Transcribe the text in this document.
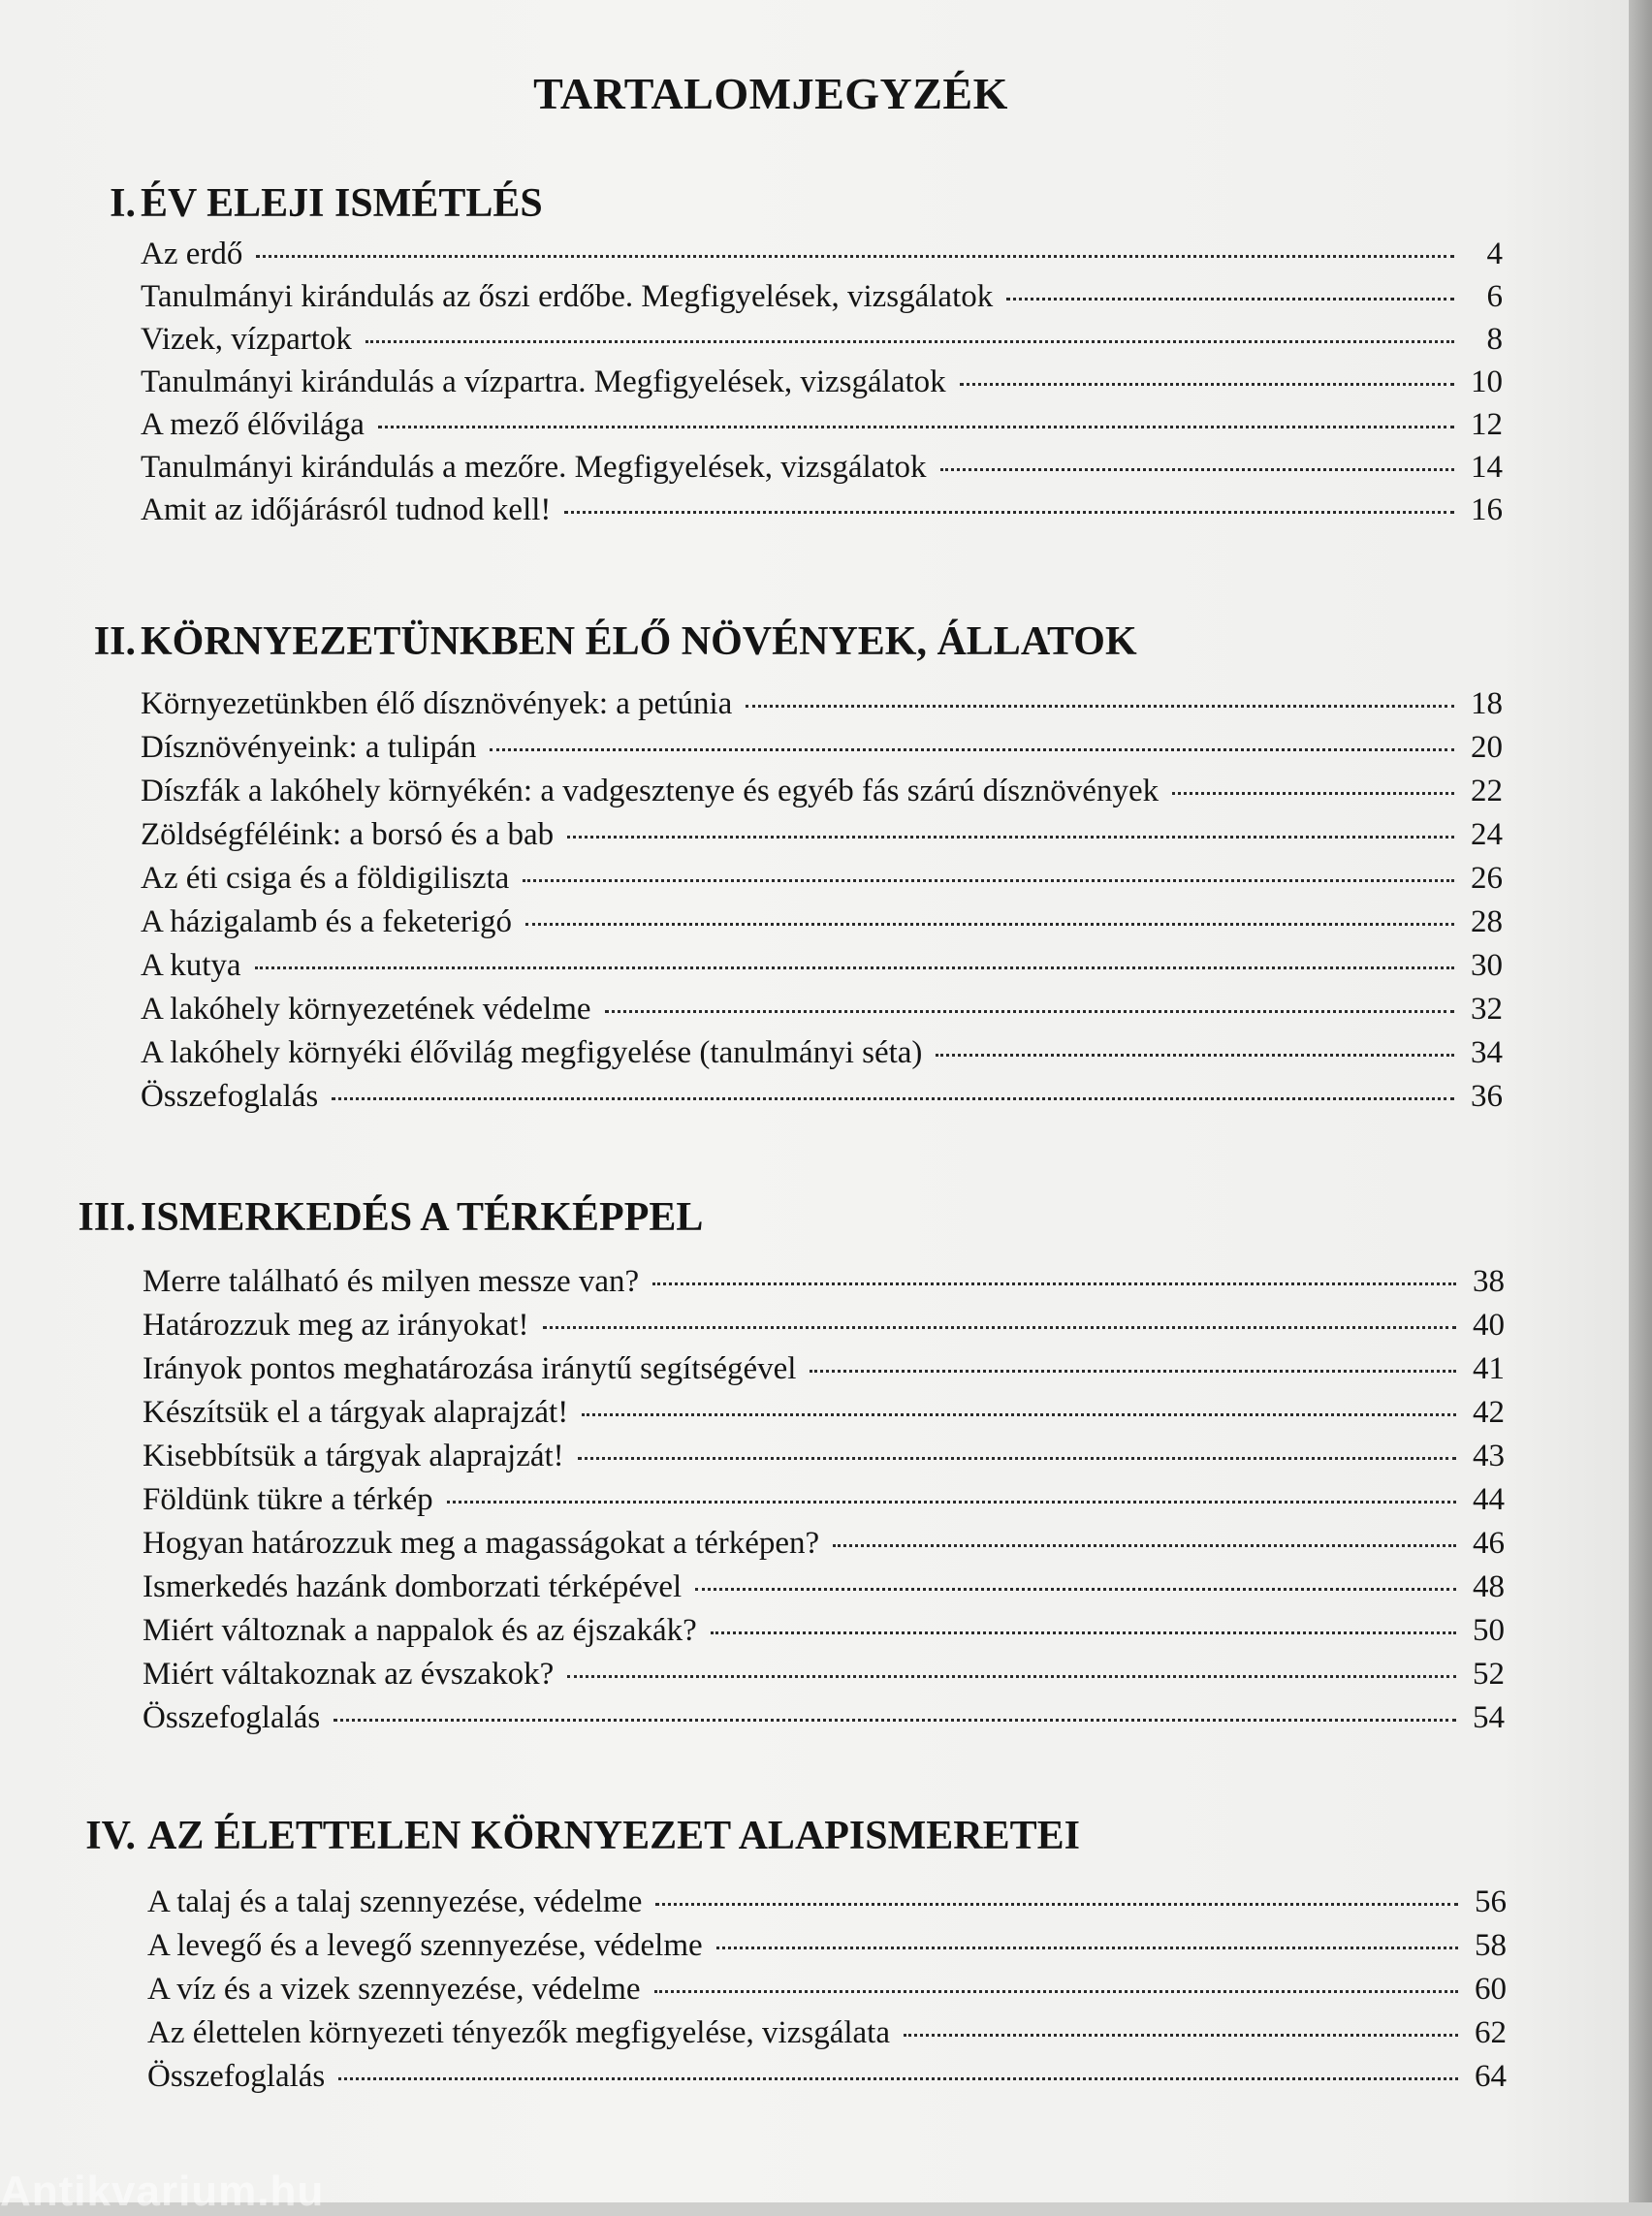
TARTALOMJEGYZÉK
I. ÉV ELEJI ISMÉTLÉS
Az erdő	4
Tanulmányi kirándulás az őszi erdőbe. Megfigyelések, vizsgálatok	6
Vizek, vízpartok	8
Tanulmányi kirándulás a vízpartra. Megfigyelések, vizsgálatok	10
A mező élővilága	12
Tanulmányi kirándulás a mezőre. Megfigyelések, vizsgálatok	14
Amit az időjárásról tudnod kell!	16
II. KÖRNYEZETÜNKBEN ÉLŐ NÖVÉNYEK, ÁLLATOK
Környezetünkben élő dísznövények: a petúnia	18
Dísznövényeink: a tulipán	20
Díszfák a lakóhely környékén: a vadgesztenye és egyéb fás szárú dísznövények	22
Zöldségféléink: a borsó és a bab	24
Az éti csiga és a földigiliszta	26
A házigalamb és a feketerigó	28
A kutya	30
A lakóhely környezetének védelme	32
A lakóhely környéki élővilág megfigyelése (tanulmányi séta)	34
Összefoglalás	36
III. ISMERKEDÉS A TÉRKÉPPEL
Merre található és milyen messze van?	38
Határozzuk meg az irányokat!	40
Irányok pontos meghatározása iránytű segítségével	41
Készítsük el a tárgyak alaprajzát!	42
Kisebbítsük a tárgyak alaprajzát!	43
Földünk tükre a térkép	44
Hogyan határozzuk meg a magasságokat a térképen?	46
Ismerkedés hazánk domborzati térképével	48
Miért változnak a nappalok és az éjszakák?	50
Miért váltakoznak az évszakok?	52
Összefoglalás	54
IV. AZ ÉLETTELEN KÖRNYEZET ALAPISMERETEI
A talaj és a talaj szennyezése, védelme	56
A levegő és a levegő szennyezése, védelme	58
A víz és a vizek szennyezése, védelme	60
Az élettelen környezeti tényezők megfigyelése, vizsgálata	62
Összefoglalás	64
Antikvarium.hu
